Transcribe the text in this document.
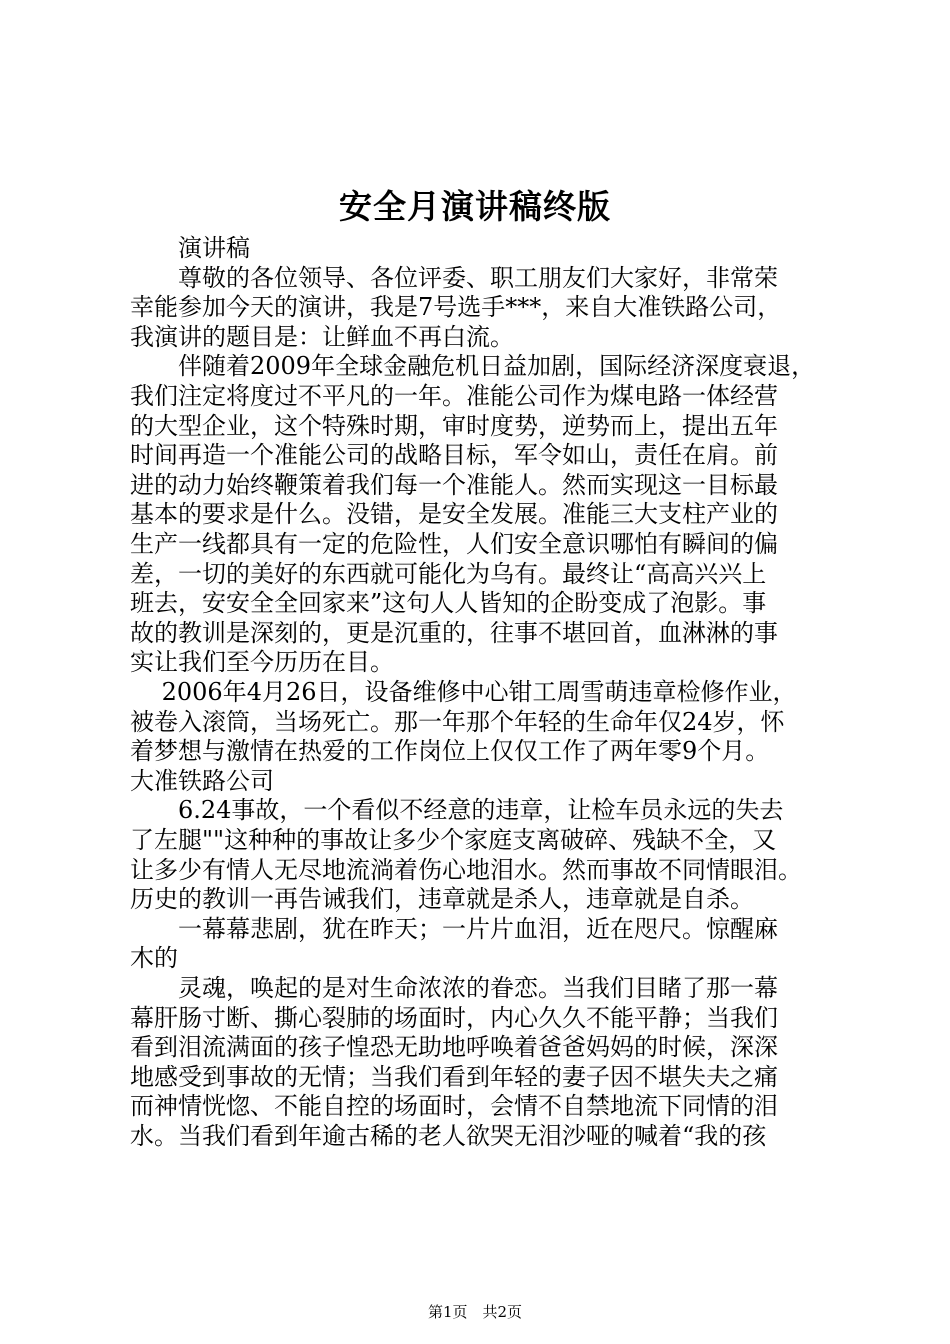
安全月演讲稿终版
　　演讲稿
　　尊敬的各位领导、各位评委、职工朋友们大家好，非常荣
幸能参加今天的演讲，我是7号选手***，来自大准铁路公司，
我演讲的题目是：让鲜血不再白流。
　　伴随着2009年全球金融危机日益加剧，国际经济深度衰退，
我们注定将度过不平凡的一年。准能公司作为煤电路一体经营
的大型企业，这个特殊时期，审时度势，逆势而上，提出五年
时间再造一个准能公司的战略目标，军令如山，责任在肩。前
进的动力始终鞭策着我们每一个准能人。然而实现这一目标最
基本的要求是什么。没错，是安全发展。准能三大支柱产业的
生产一线都具有一定的危险性，人们安全意识哪怕有瞬间的偏
差，一切的美好的东西就可能化为乌有。最终让“高高兴兴上
班去，安安全全回家来”这句人人皆知的企盼变成了泡影。事
故的教训是深刻的，更是沉重的，往事不堪回首，血淋淋的事
实让我们至今历历在目。
　 2006年4月26日，设备维修中心钳工周雪萌违章检修作业，
被卷入滚筒，当场死亡。那一年那个年轻的生命年仅24岁，怀
着梦想与激情在热爱的工作岗位上仅仅工作了两年零9个月。
大准铁路公司
　　6.24事故，一个看似不经意的违章，让检车员永远的失去
了左腿""这种种的事故让多少个家庭支离破碎、残缺不全，又
让多少有情人无尽地流淌着伤心地泪水。然而事故不同情眼泪。
历史的教训一再告诫我们，违章就是杀人，违章就是自杀。
　　一幕幕悲剧，犹在昨天；一片片血泪，近在咫尺。惊醒麻
木的
　　灵魂，唤起的是对生命浓浓的眷恋。当我们目睹了那一幕
幕肝肠寸断、撕心裂肺的场面时，内心久久不能平静；当我们
看到泪流满面的孩子惶恐无助地呼唤着爸爸妈妈的时候，深深
地感受到事故的无情；当我们看到年轻的妻子因不堪失夫之痛
而神情恍惚、不能自控的场面时，会情不自禁地流下同情的泪
水。当我们看到年逾古稀的老人欲哭无泪沙哑的喊着“我的孩
第1页　共2页
